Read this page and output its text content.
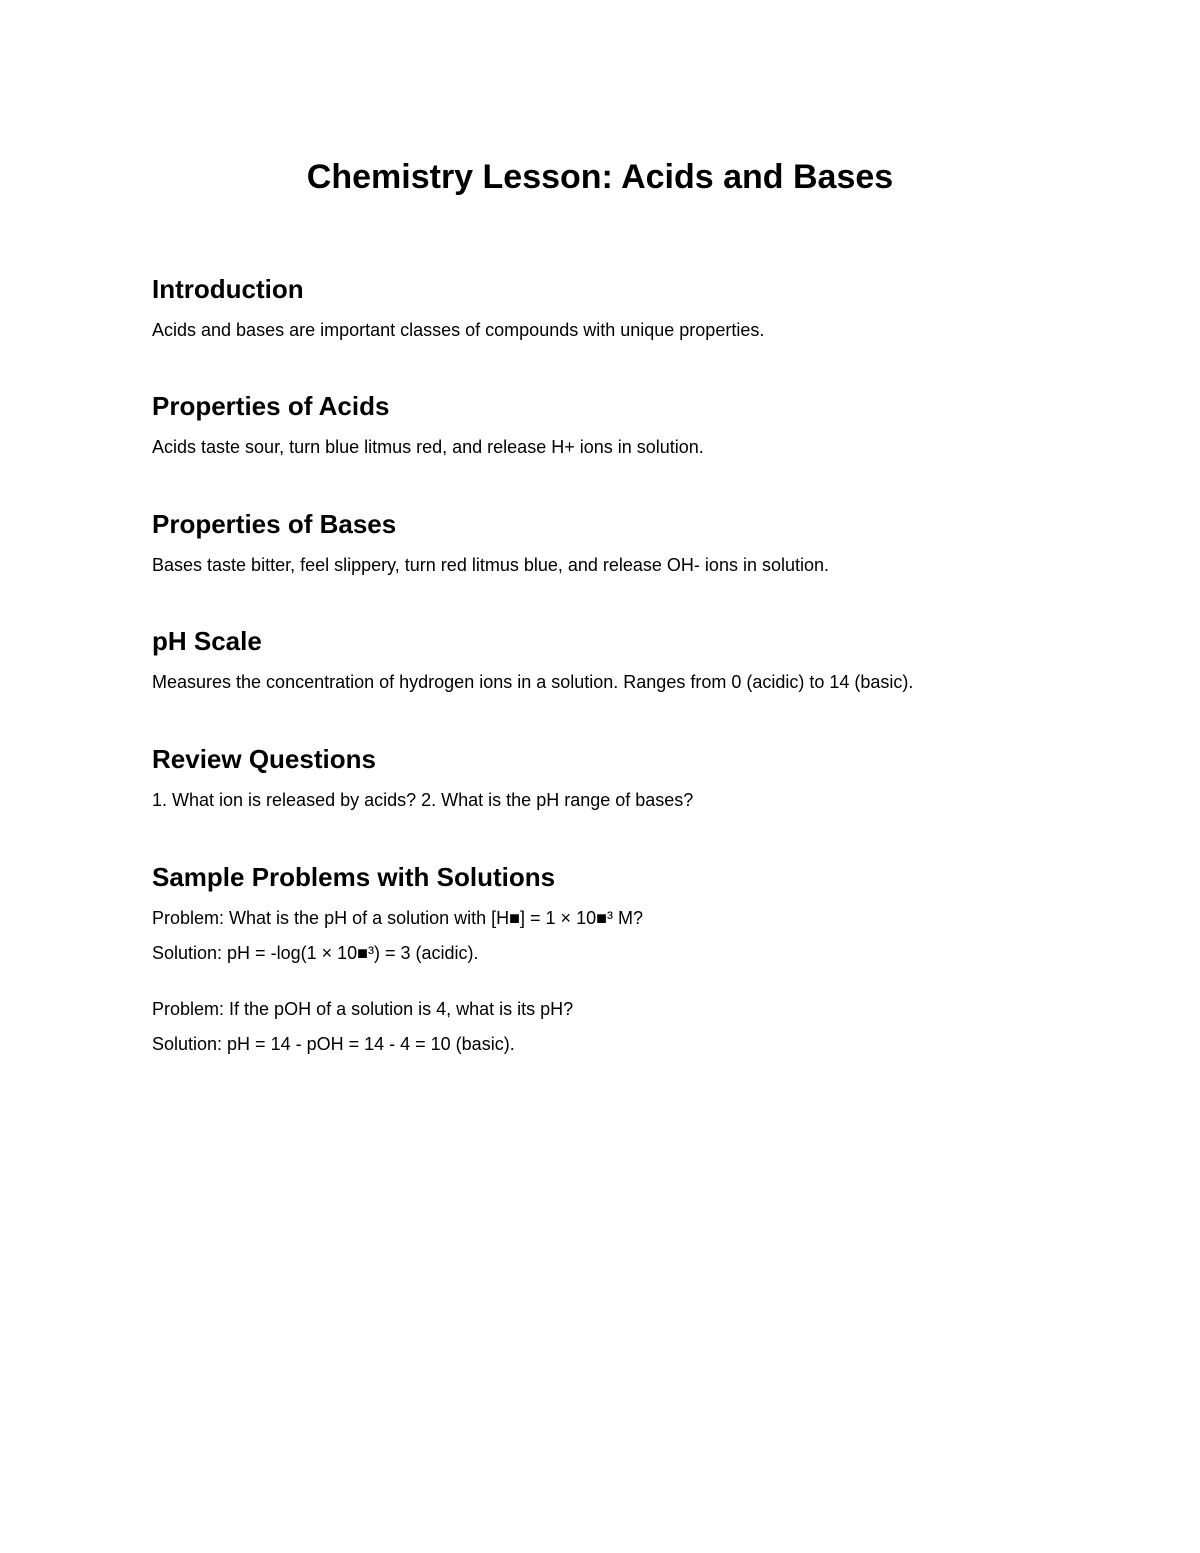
Chemistry Lesson: Acids and Bases
Introduction

Acids and bases are important classes of compounds with unique properties.

Properties of Acids

Acids taste sour, turn blue litmus red, and release H+ ions in solution.

Properties of Bases

Bases taste bitter, feel slippery, turn red litmus blue, and release OH- ions in solution.

pH Scale

Measures the concentration of hydrogen ions in a solution. Ranges from 0 (acidic) to 14 (basic).

Review Questions

1. What ion is released by acids? 2. What is the pH range of bases?

Sample Problems with Solutions

Problem: What is the pH of a solution with [H■] = 1 × 10■³ M?

Solution: pH = -log(1 × 10■³) = 3 (acidic).

Problem: If the pOH of a solution is 4, what is its pH?

Solution: pH = 14 - pOH = 14 - 4 = 10 (basic).
